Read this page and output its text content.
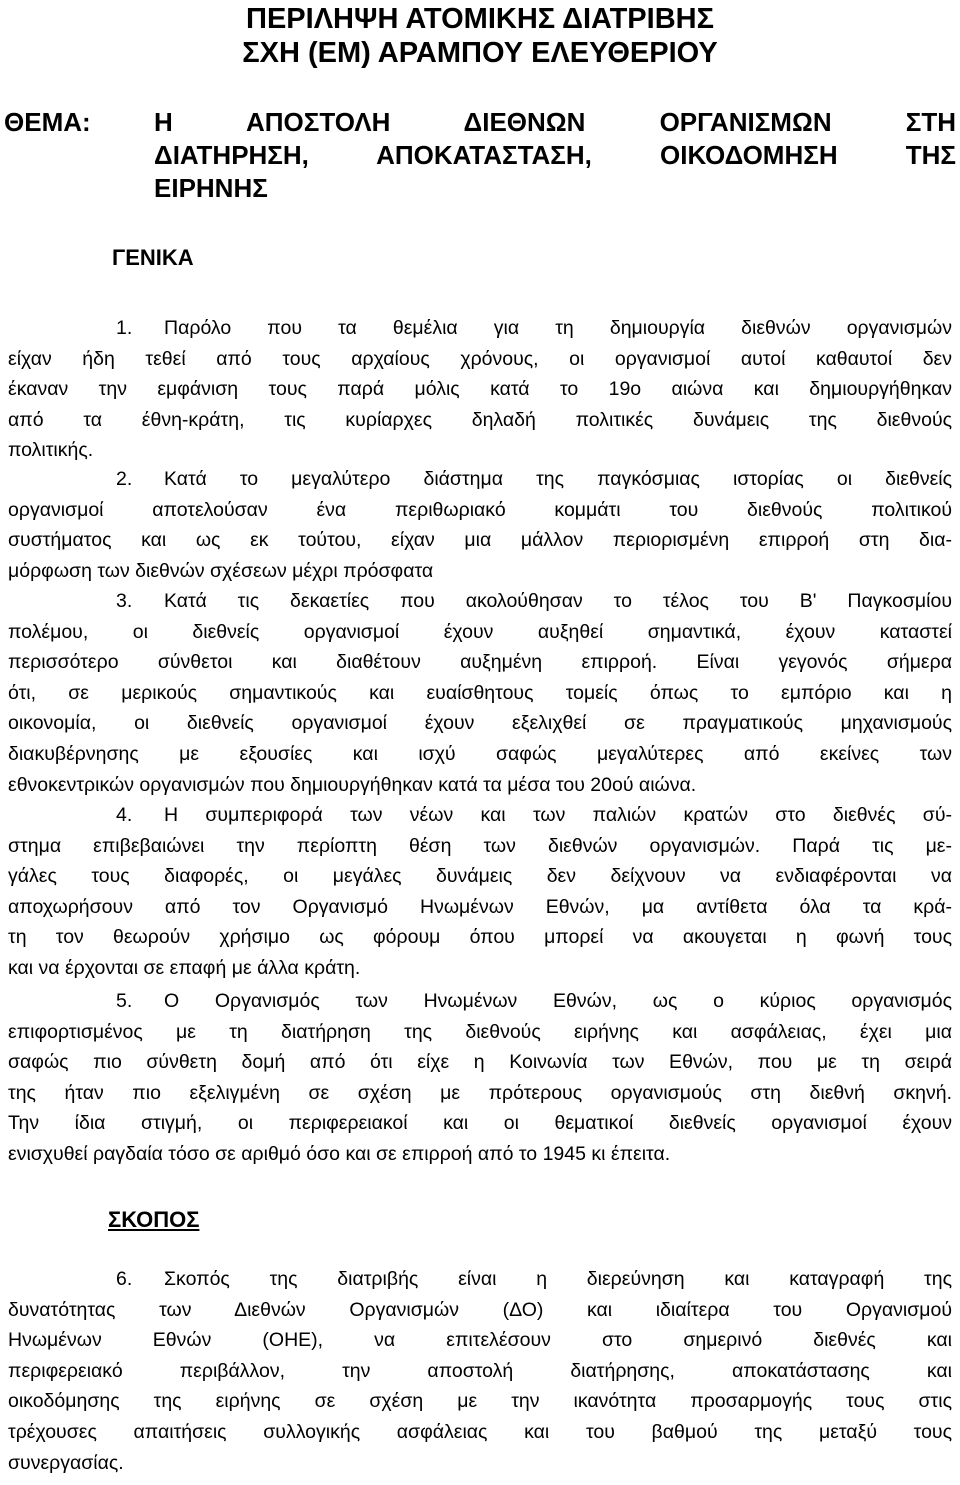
ΠΕΡΙΛΗΨΗ ΑΤΟΜΙΚΗΣ ΔΙΑΤΡΙΒΗΣ
ΣΧΗ (ΕΜ) ΑΡΑΜΠΟΥ ΕΛΕΥΘΕΡΙΟΥ
ΘΕΜΑ: Η ΑΠΟΣΤΟΛΗ ΔΙΕΘΝΩΝ ΟΡΓΑΝΙΣΜΩΝ ΣΤΗ
ΔΙΑΤΗΡΗΣΗ, ΑΠΟΚΑΤΑΣΤΑΣΗ, ΟΙΚΟΔΟΜΗΣΗ ΤΗΣ
ΕΙΡΗΝΗΣ
ΓΕΝΙΚΑ
1. Παρόλο που τα θεμέλια για τη δημιουργία διεθνών οργανισμών
είχαν ήδη τεθεί από τους αρχαίους χρόνους, οι οργανισμοί αυτοί καθαυτοί δεν
έκαναν την εμφάνιση τους παρά μόλις κατά το 19ο αιώνα και δημιουργήθηκαν
από τα έθνη-κράτη, τις κυρίαρχες δηλαδή πολιτικές δυνάμεις της διεθνούς
πολιτικής.
2. Κατά το μεγαλύτερο διάστημα της παγκόσμιας ιστορίας οι διεθνείς
οργανισμοί αποτελούσαν ένα περιθωριακό κομμάτι του διεθνούς πολιτικού
συστήματος και ως εκ τούτου, είχαν μια μάλλον περιορισμένη επιρροή στη δια-
μόρφωση των διεθνών σχέσεων μέχρι πρόσφατα
3. Κατά τις δεκαετίες που ακολούθησαν το τέλος του Β' Παγκοσμίου
πολέμου, οι διεθνείς οργανισμοί έχουν αυξηθεί σημαντικά, έχουν καταστεί
περισσότερο σύνθετοι και διαθέτουν αυξημένη επιρροή. Είναι γεγονός σήμερα
ότι, σε μερικούς σημαντικούς και ευαίσθητους τομείς όπως το εμπόριο και η
οικονομία, οι διεθνείς οργανισμοί έχουν εξελιχθεί σε πραγματικούς μηχανισμούς
διακυβέρνησης με εξουσίες και ισχύ σαφώς μεγαλύτερες από εκείνες των
εθνοκεντρικών οργανισμών που δημιουργήθηκαν κατά τα μέσα του 20ού αιώνα.
4. Η συμπεριφορά των νέων και των παλιών κρατών στο διεθνές σύ-
στημα επιβεβαιώνει την περίοπτη θέση των διεθνών οργανισμών. Παρά τις με-
γάλες τους διαφορές, οι μεγάλες δυνάμεις δεν δείχνουν να ενδιαφέρονται να
αποχωρήσουν από τον Οργανισμό Ηνωμένων Εθνών, μα αντίθετα όλα τα κρά-
τη τον θεωρούν χρήσιμο ως φόρουμ όπου μπορεί να ακουγεται η φωνή τους
και να έρχονται σε επαφή με άλλα κράτη.
5. Ο Οργανισμός των Ηνωμένων Εθνών, ως ο κύριος οργανισμός
επιφορτισμένος με τη διατήρηση της διεθνούς ειρήνης και ασφάλειας, έχει μια
σαφώς πιο σύνθετη δομή από ότι είχε η Κοινωνία των Εθνών, που με τη σειρά
της ήταν πιο εξελιγμένη σε σχέση με πρότερους οργανισμούς στη διεθνή σκηνή.
Την ίδια στιγμή, οι περιφερειακοί και οι θεματικοί διεθνείς οργανισμοί έχουν
ενισχυθεί ραγδαία τόσο σε αριθμό όσο και σε επιρροή από το 1945 κι έπειτα.
ΣΚΟΠΟΣ
6. Σκοπός της διατριβής είναι η διερεύνηση και καταγραφή της
δυνατότητας των Διεθνών Οργανισμών (ΔΟ) και ιδιαίτερα του Οργανισμού
Ηνωμένων Εθνών (ΟΗΕ), να επιτελέσουν στο σημερινό διεθνές και
περιφερειακό περιβάλλον, την αποστολή διατήρησης, αποκατάστασης και
οικοδόμησης της ειρήνης σε σχέση με την ικανότητα προσαρμογής τους στις
τρέχουσες απαιτήσεις συλλογικής ασφάλειας και του βαθμού της μεταξύ τους
συνεργασίας.
